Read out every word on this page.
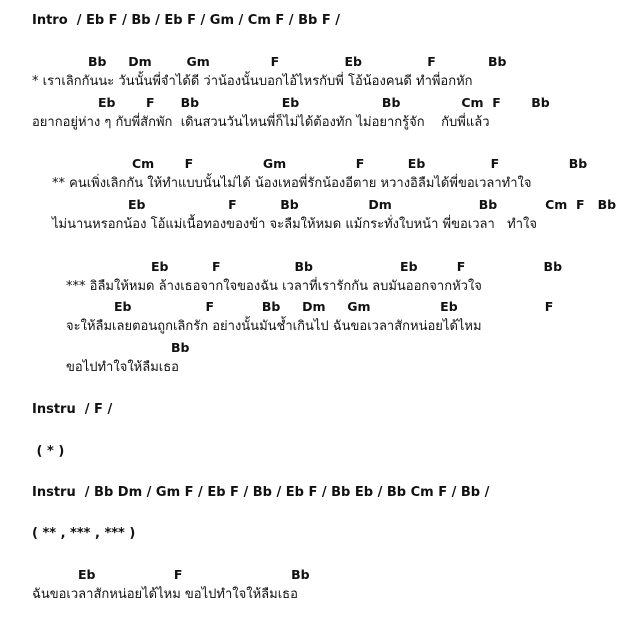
Intro  / Eb F / Bb / Eb F / Gm / Cm F / Bb F /
Bb     Dm        Gm              F               Eb               F            Bb
* เราเลิกกันนะ วันนั้นพี่จำได้ดี ว่าน้องนั้นบอกไอ้ไหรกับพี่ โอ้น้องคนดี ทำพี่อกหัก
Eb       F      Bb                   Eb                   Bb              Cm  F       Bb
อยากอยู่ห่าง ๆ กับพี่สักพัก  เดินสวนวันไหนพี่ก็ไม่ได้ต้องทัก ไม่อยากรู้จัก    กับพี่แล้ว
Cm       F                Gm                F          Eb               F                Bb
** คนเพิ่งเลิกกัน ให้ทำแบบนั้นไม่ได้ น้องเหอพี่รักน้องอีตาย หวางอิลืมได้พี่ขอเวลาทำใจ
Eb                   F          Bb                Dm                    Bb           Cm  F   Bb
ไม่นานหรอกน้อง โอ้แม่เนื้อทองของข้า จะลืมให้หมด แม้กระทั่งใบหน้า พี่ขอเวลา   ทำใจ
Eb          F                 Bb                    Eb         F                  Bb
*** อิลืมให้หมด ล้างเธอจากใจของฉัน เวลาที่เรารักกัน ลบมันออกจากหัวใจ
Eb                 F           Bb     Dm     Gm                Eb                    F
จะให้ลืมเลยตอนถูกเลิกรัก อย่างนั้นมันช้ำเกินไป ฉันขอเวลาสักหน่อยได้ไหม
Bb
ขอไปทำใจให้ลืมเธอ
Instru  / F /
( * )
Instru  / Bb Dm / Gm F / Eb F / Bb / Eb F / Bb Eb / Bb Cm F / Bb /
( ** , *** , *** )
Eb                  F                         Bb
ฉันขอเวลาสักหน่อยได้ไหม ขอไปทำใจให้ลืมเธอ
